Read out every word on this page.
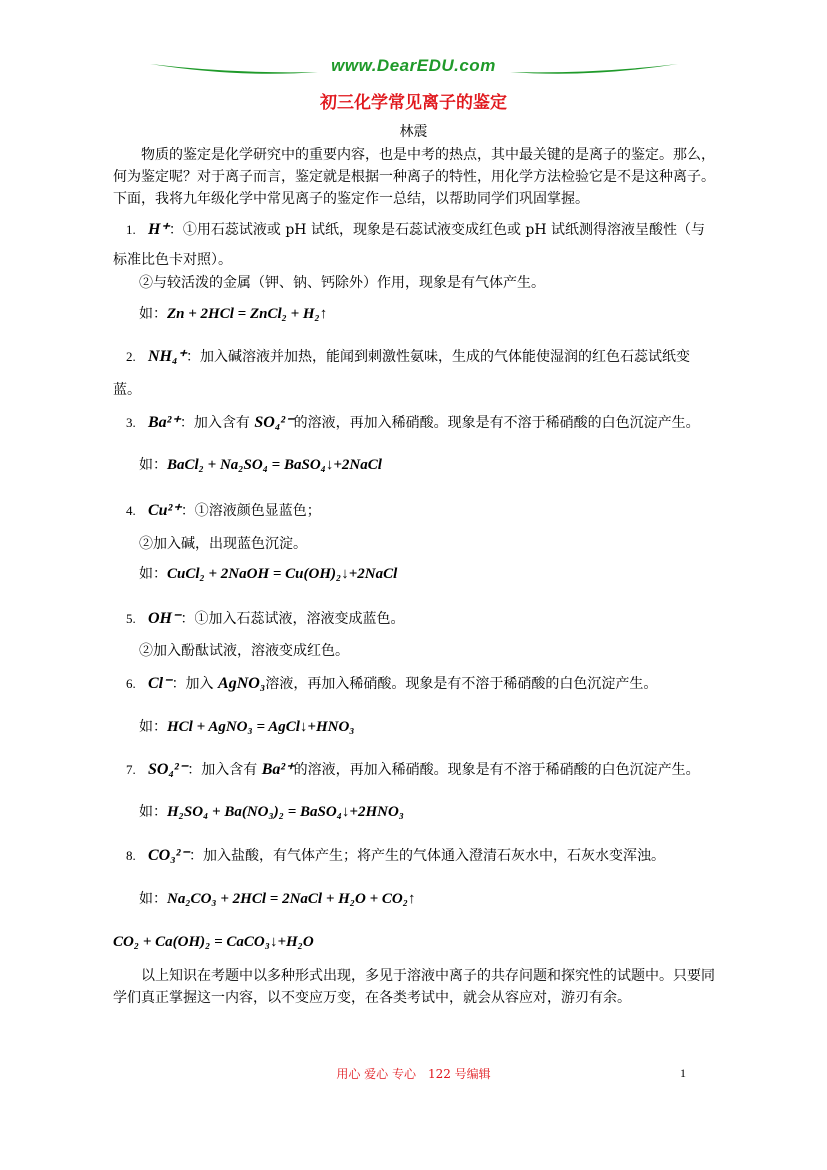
www.DearEDU.com
初三化学常见离子的鉴定
林震
物质的鉴定是化学研究中的重要内容，也是中考的热点，其中最关键的是离子的鉴定。那么，何为鉴定呢？对于离子而言，鉴定就是根据一种离子的特性，用化学方法检验它是不是这种离子。下面，我将九年级化学中常见离子的鉴定作一总结，以帮助同学们巩固掌握。
1. H⁺：①用石蕊试液或 pH 试纸，现象是石蕊试液变成红色或 pH 试纸测得溶液呈酸性（与
标准比色卡对照）。
②与较活泼的金属（钾、钠、钙除外）作用，现象是有气体产生。
如：Zn + 2HCl = ZnCl₂ + H₂↑
2. NH₄⁺：加入碱溶液并加热，能闻到刺激性氨味，生成的气体能使湿润的红色石蕊试纸变
蓝。
3. Ba²⁺：加入含有 SO₄²⁻的溶液，再加入稀硝酸。现象是有不溶于稀硝酸的白色沉淀产生。
如：BaCl₂ + Na₂SO₄ = BaSO₄↓+2NaCl
4. Cu²⁺：①溶液颜色显蓝色；
②加入碱，出现蓝色沉淀。
如：CuCl₂ + 2NaOH = Cu(OH)₂↓+2NaCl
5. OH⁻：①加入石蕊试液，溶液变成蓝色。
②加入酚酞试液，溶液变成红色。
6. Cl⁻：加入 AgNO₃溶液，再加入稀硝酸。现象是有不溶于稀硝酸的白色沉淀产生。
如：HCl + AgNO₃ = AgCl↓+HNO₃
7. SO₄²⁻：加入含有 Ba²⁺的溶液，再加入稀硝酸。现象是有不溶于稀硝酸的白色沉淀产生。
如：H₂SO₄ + Ba(NO₃)₂ = BaSO₄↓+2HNO₃
8. CO₃²⁻：加入盐酸，有气体产生；将产生的气体通入澄清石灰水中，石灰水变浑浊。
如：Na₂CO₃ + 2HCl = 2NaCl + H₂O + CO₂↑
CO₂ + Ca(OH)₂ = CaCO₃↓+H₂O
以上知识在考题中以多种形式出现，多见于溶液中离子的共存问题和探究性的试题中。只要同学们真正掌握这一内容，以不变应万变，在各类考试中，就会从容应对，游刃有余。
用心 爱心 专心　122 号编辑	1
